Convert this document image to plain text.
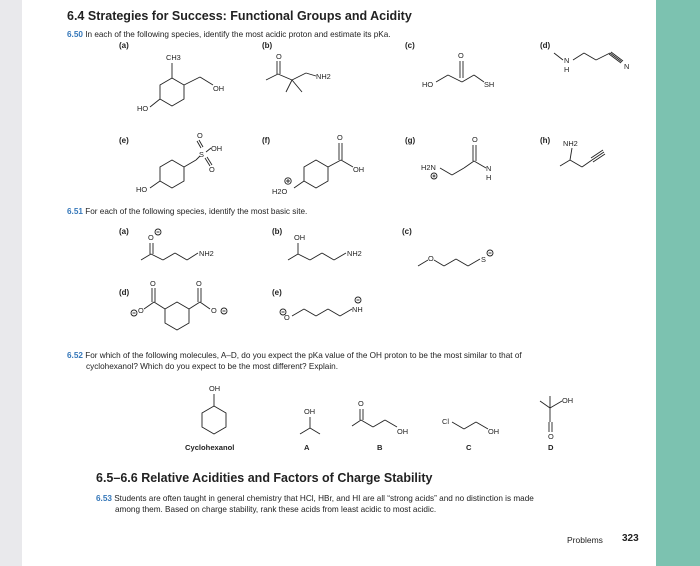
6.4 Strategies for Success: Functional Groups and Acidity
6.50 In each of the following species, identify the most acidic proton and estimate its pKa.
(a)	(b)	(c)	(d)
(e)	(f)	(g)	(h)
6.51 For each of the following species, identify the most basic site.
(a)	(b)	(c)
(d)	(e)
6.52 For which of the following molecules, A–D, do you expect the pKa value of the OH proton to be the most similar to that of
cyclohexanol? Which do you expect to be the most different? Explain.
Cyclohexanol	A	B	C	D
6.5–6.6 Relative Acidities and Factors of Charge Stability
6.53 Students are often taught in general chemistry that HCl, HBr, and HI are all “strong acids” and no distinction is made
among them. Based on charge stability, rank these acids from least acidic to most acidic.
Problems 323
CH3
OH
HO
O
NH2
O
HO	SH
N
H	N
O
OH
S
O
HO
O
OH
H2O
O
H2N	N
H
NH2
O
NH2
OH
NH2
O	S
O
O
O
O
O
NH
OH
OH
O
OH
Cl
OH
OH
O
